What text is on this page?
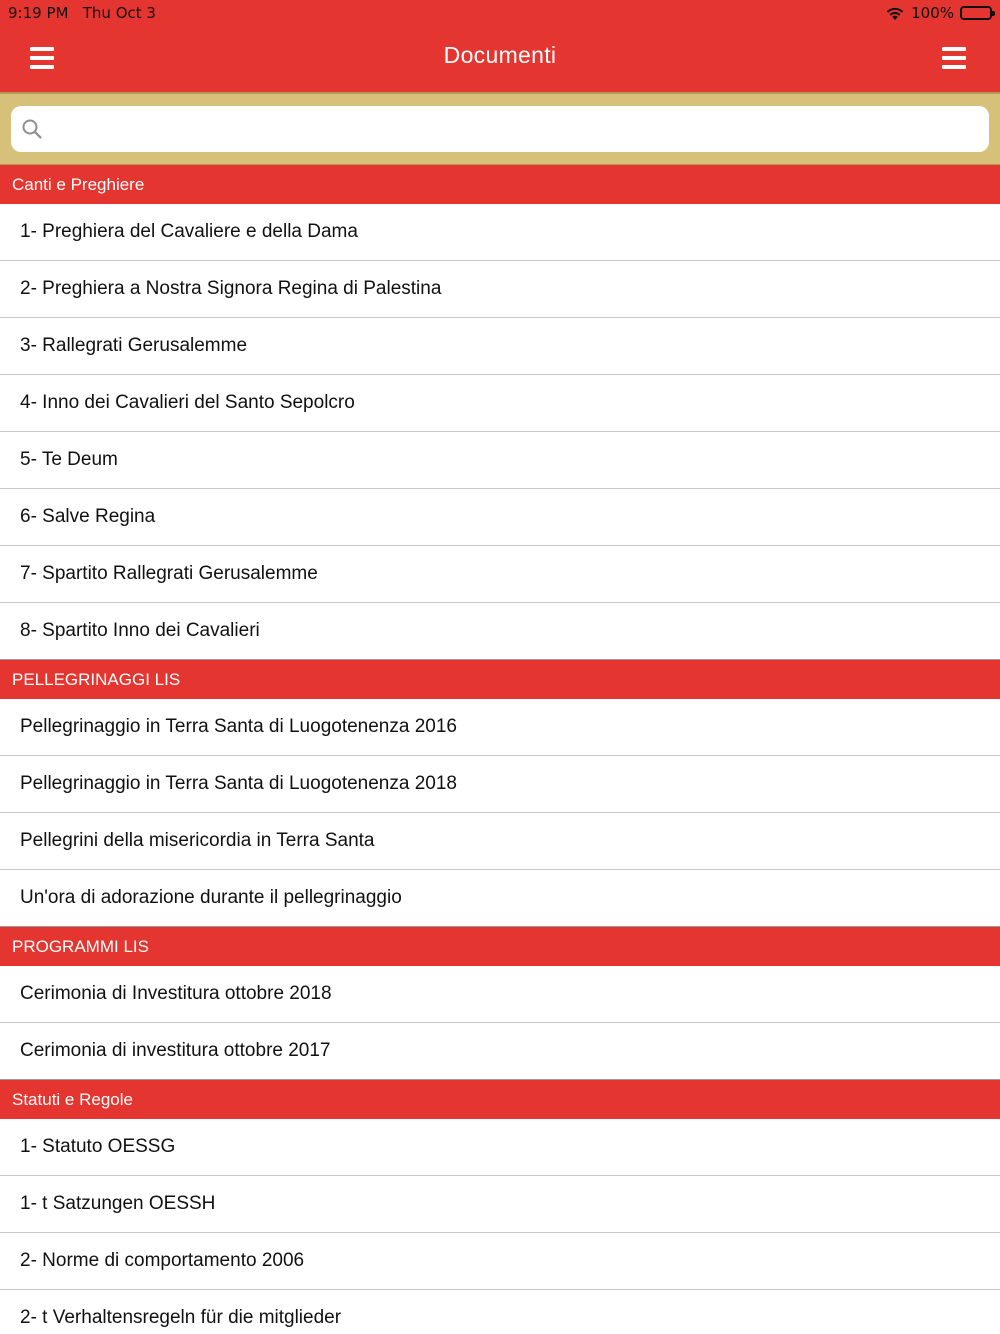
9:19 PM Thu Oct 3	100%
Documenti
Canti e Preghiere
1- Preghiera del Cavaliere e della Dama
2- Preghiera a Nostra Signora Regina di Palestina
3- Rallegrati Gerusalemme
4- Inno dei Cavalieri del Santo Sepolcro
5- Te Deum
6- Salve Regina
7- Spartito Rallegrati Gerusalemme
8- Spartito Inno dei Cavalieri
PELLEGRINAGGI LIS
Pellegrinaggio in Terra Santa di Luogotenenza 2016
Pellegrinaggio in Terra Santa di Luogotenenza 2018
Pellegrini della misericordia in Terra Santa
Un'ora di adorazione durante il pellegrinaggio
PROGRAMMI LIS
Cerimonia di Investitura ottobre 2018
Cerimonia di investitura ottobre 2017
Statuti e Regole
1- Statuto OESSG
1- t Satzungen OESSH
2- Norme di comportamento 2006
2- t Verhaltensregeln für die mitglieder
